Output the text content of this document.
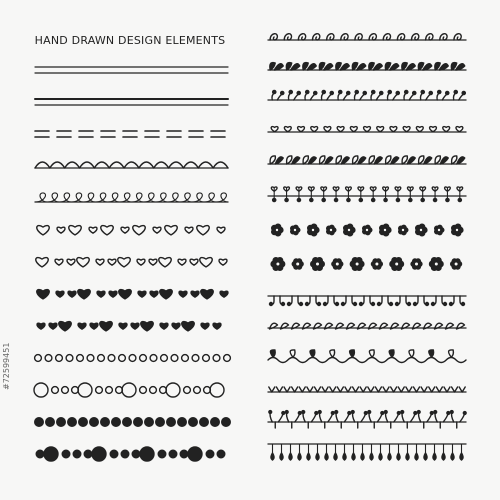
HAND DRAWN DESIGN ELEMENTS
#72599451
